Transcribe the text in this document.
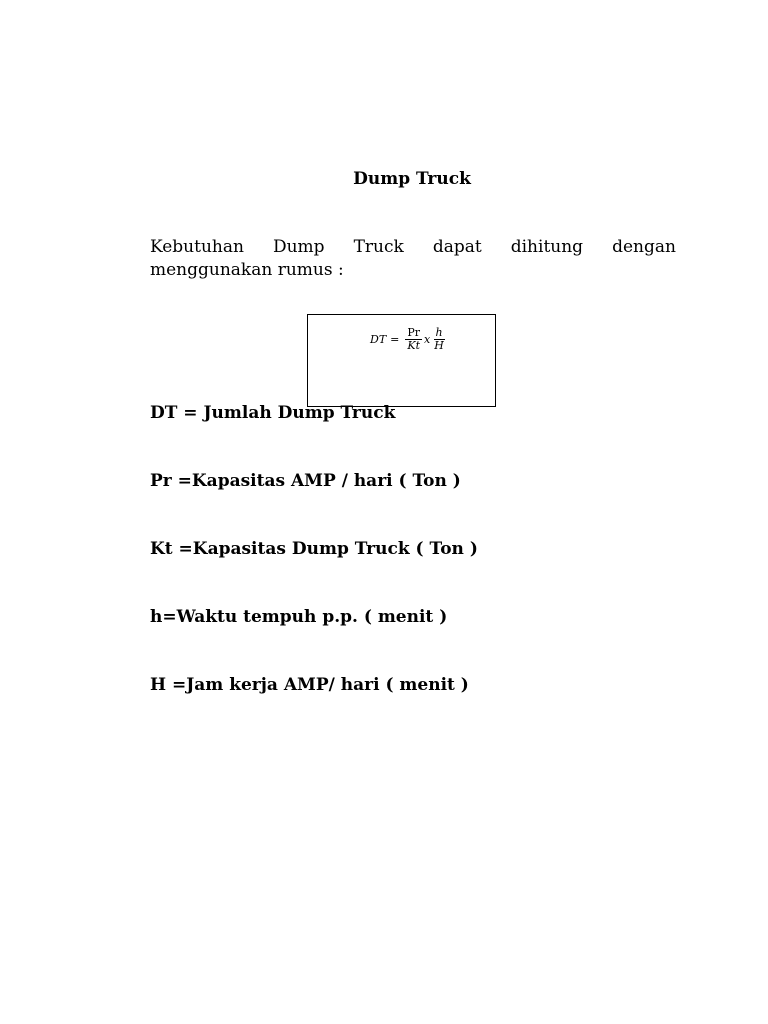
Dump Truck
Kebutuhan Dump Truck dapat dihitung dengan
menggunakan rumus :
DT = $\frac{Pr}{Kt}$ x $\frac{h}{H}$
DT = Jumlah Dump Truck
Pr =Kapasitas AMP / hari ( Ton )
Kt =Kapasitas Dump Truck ( Ton )
h=Waktu tempuh p.p. ( menit )
H =Jam kerja AMP/ hari ( menit )
